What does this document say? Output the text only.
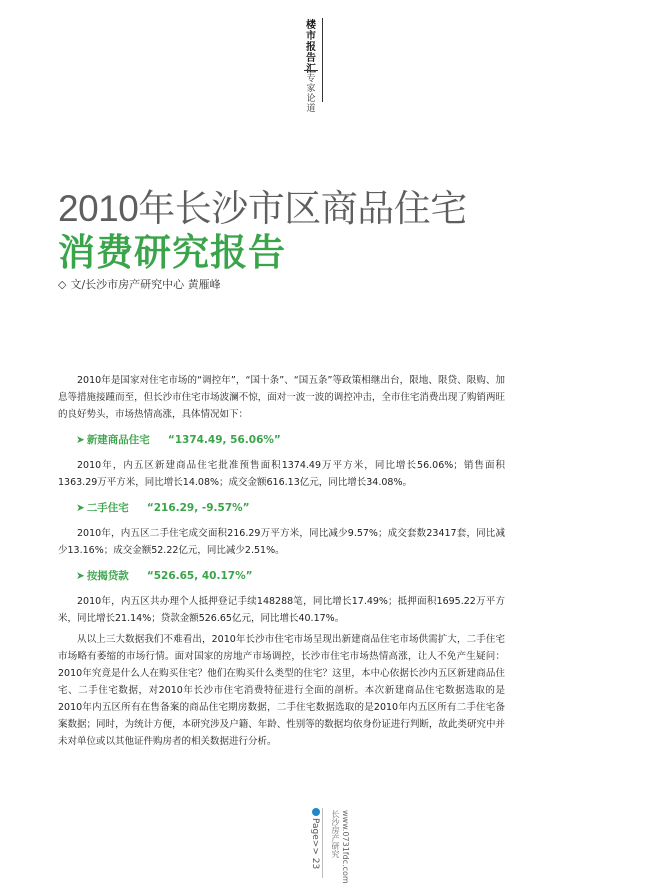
楼市报告
专家论道
2010年长沙市区商品住宅
消费研究报告
◇ 文/长沙市房产研究中心 黄雁峰

2010年是国家对住宅市场的“调控年”，“国十条”、“国五条”等政策相继出台，限地、限贷、限购、加息等措施接踵而至，但长沙市住宅市场波澜不惊，面对一波一波的调控冲击，全市住宅消费出现了购销两旺的良好势头，市场热情高涨，具体情况如下：

➤ 新建商品住宅 “1374.49, 56.06%”

2010年，内五区新建商品住宅批准预售面积1374.49万平方米，同比增长56.06%；销售面积1363.29万平方米，同比增长14.08%；成交金额616.13亿元，同比增长34.08%。

➤ 二手住宅 “216.29, -9.57%”

2010年，内五区二手住宅成交面积216.29万平方米，同比减少9.57%；成交套数23417套，同比减少13.16%；成交金额52.22亿元，同比减少2.51%。

➤ 按揭贷款 “526.65, 40.17%”

2010年，内五区共办理个人抵押登记手续148288笔，同比增长17.49%；抵押面积1695.22万平方米，同比增长21.14%；贷款金额526.65亿元，同比增长40.17%。

从以上三大数据我们不难看出，2010年长沙市住宅市场呈现出新建商品住宅市场供需扩大，二手住宅市场略有萎缩的市场行情。面对国家的房地产市场调控，长沙市住宅市场热情高涨，让人不免产生疑问：2010年究竟是什么人在购买住宅？他们在购买什么类型的住宅？这里，本中心依据长沙内五区新建商品住宅、二手住宅数据，对2010年长沙市住宅消费特征进行全面的剖析。本次新建商品住宅数据选取的是2010年内五区所有在售备案的商品住宅期房数据，二手住宅数据选取的是2010年内五区所有二手住宅备案数据；同时，为统计方便，本研究涉及户籍、年龄、性别等的数据均依身份证进行判断，故此类研究中并未对单位或以其他证件购房者的相关数据进行分析。

Page>> 23	www.0731fdc.com 长沙房产研究
